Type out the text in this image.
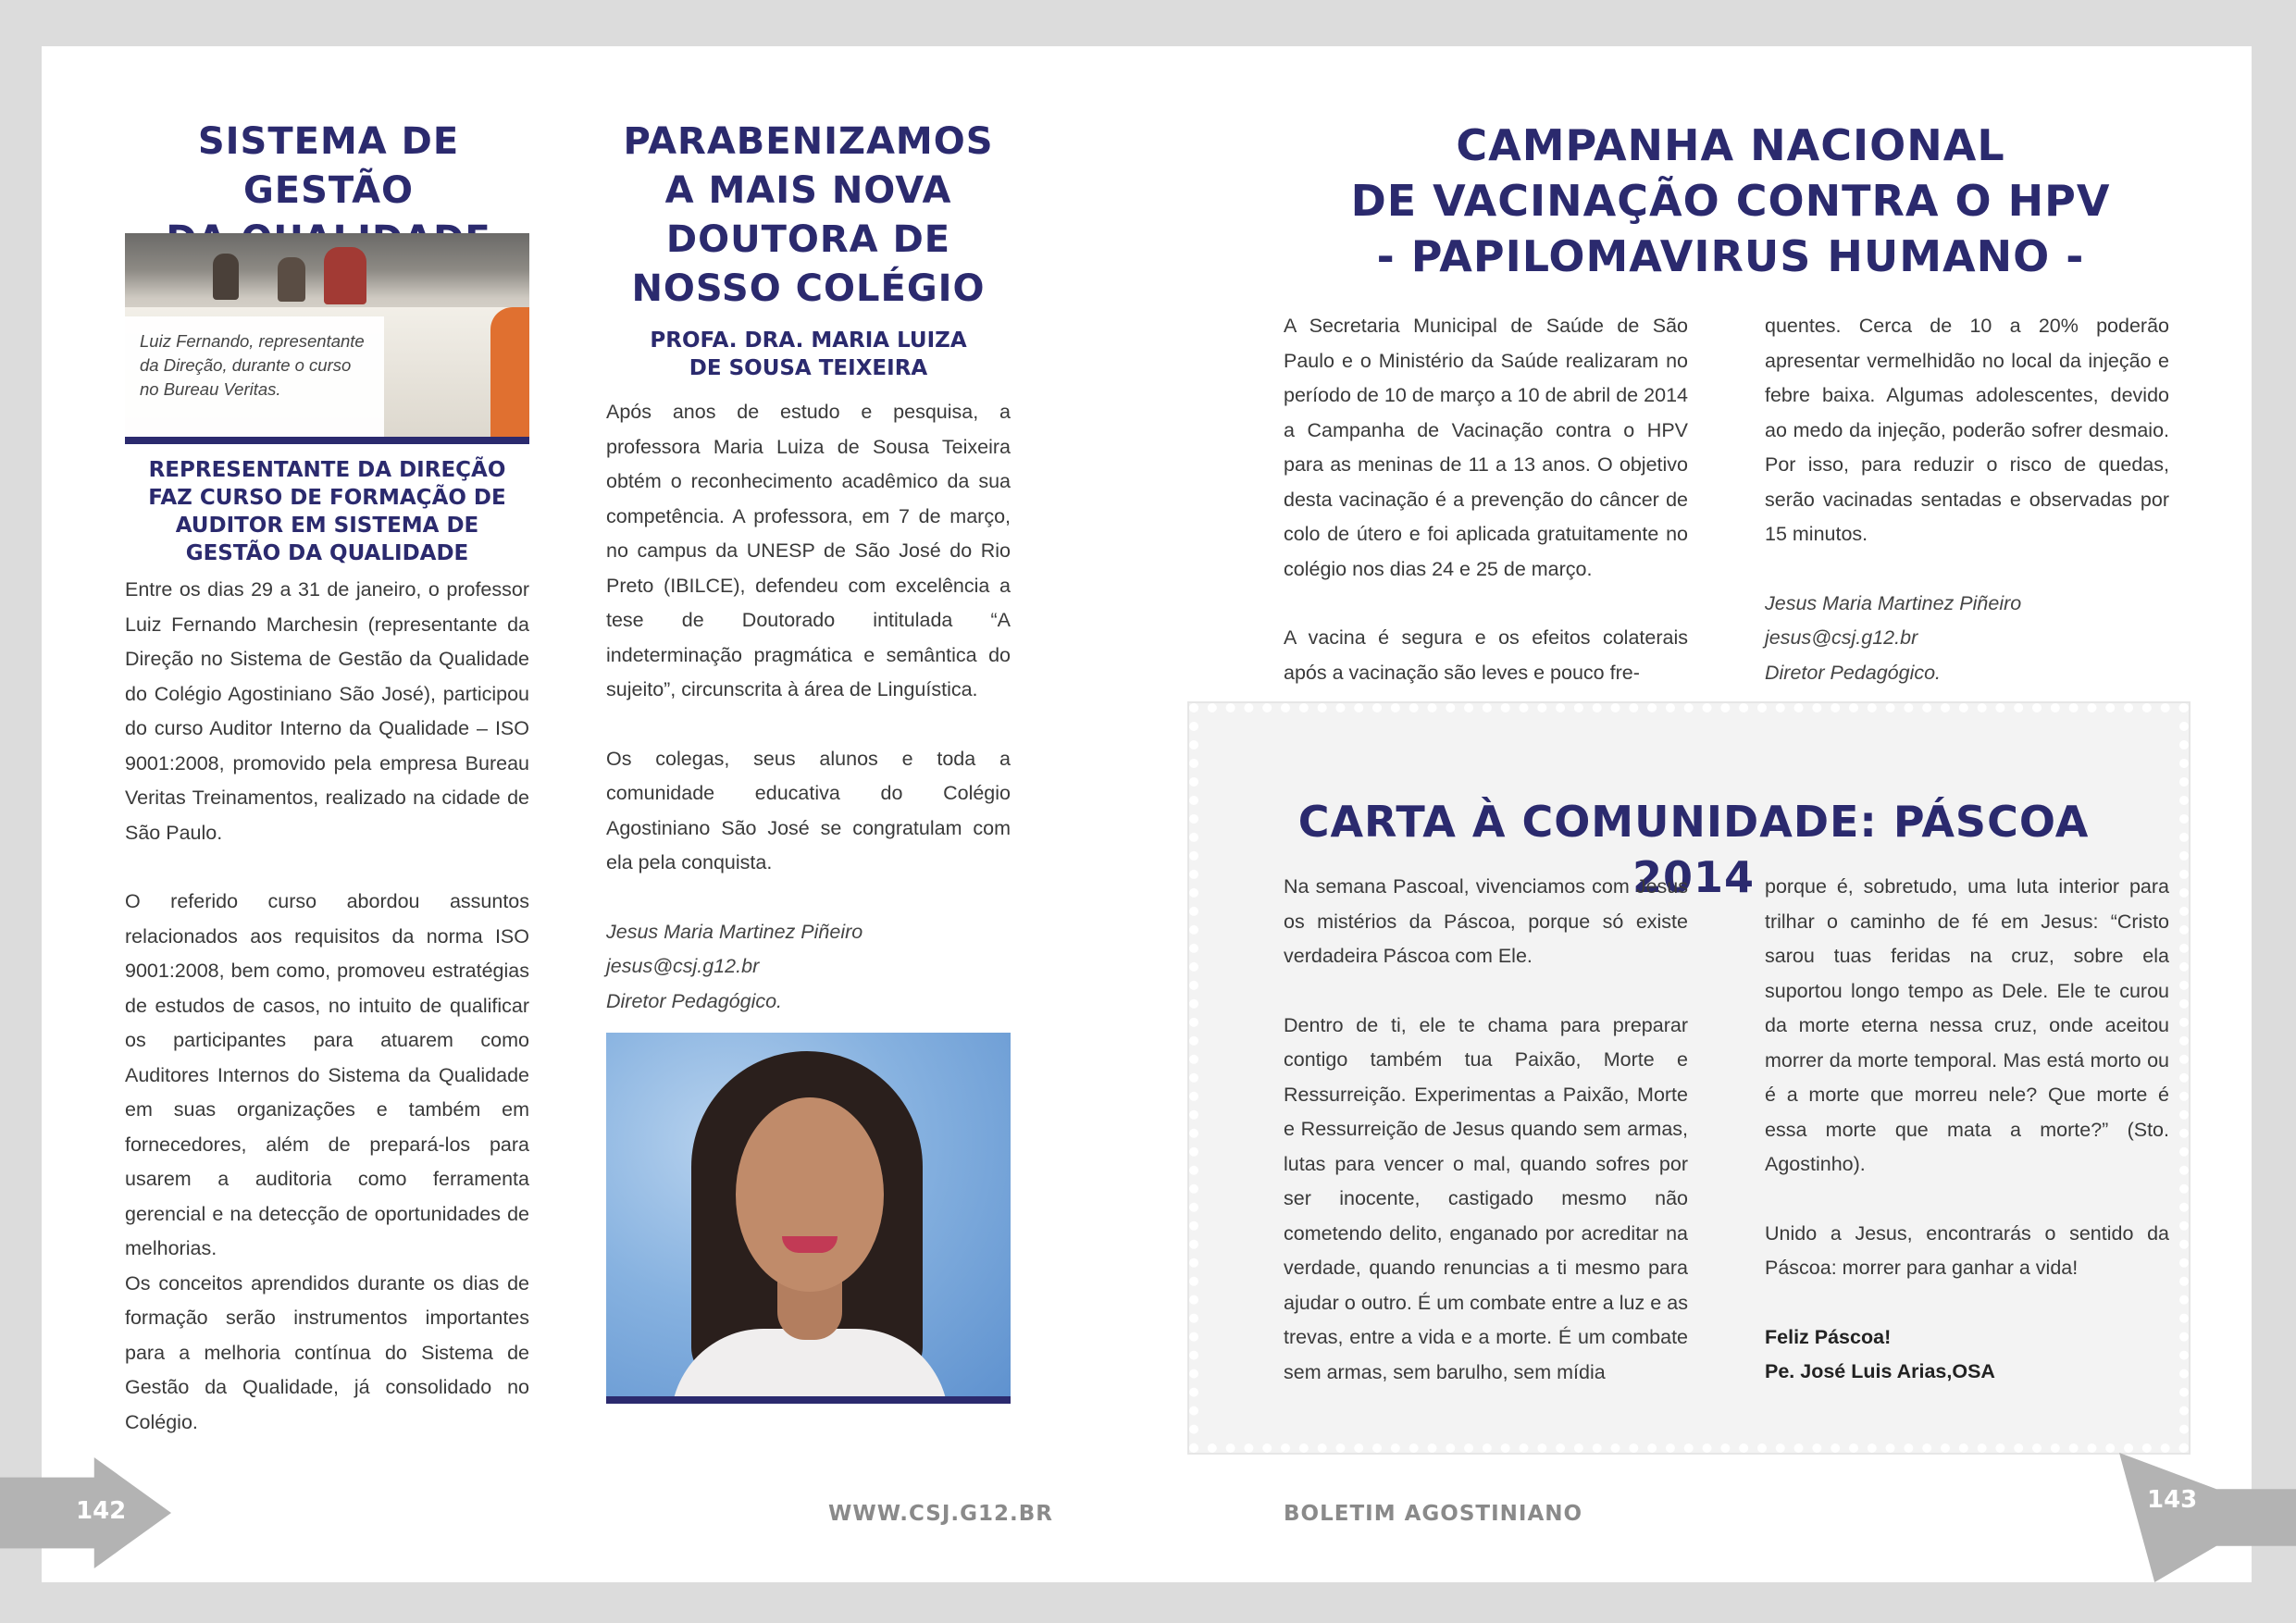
SISTEMA DE GESTÃO
Luiz Fernando, representante da Direção, durante o curso no Bureau Veritas.
REPRESENTANTE DA DIREÇÃO FAZ CURSO DE FORMAÇÃO DE AUDITOR EM SISTEMA DE GESTÃO DA QUALIDADE

Entre os dias 29 a 31 de janeiro, o professor Luiz Fernando Marchesin (representante da Direção no Sistema de Gestão da Qualidade do Colégio Agostiniano São José), participou do curso Auditor Interno da Qualidade – ISO 9001:2008, promovido pela empresa Bureau Veritas Treinamentos, realizado na cidade de São Paulo.

O referido curso abordou assuntos relacionados aos requisitos da norma ISO 9001:2008, bem como, promoveu estratégias de estudos de casos, no intuito de qualificar os participantes para atuarem como Auditores Internos do Sistema da Qualidade em suas organizações e também em fornecedores, além de prepará-los para usarem a auditoria como ferramenta gerencial e na detecção de oportunidades de melhorias.

Os conceitos aprendidos durante os dias de formação serão instrumentos importantes para a melhoria contínua do Sistema de Gestão da Qualidade, já consolidado no Colégio.

PARABENIZAMOS
A MAIS NOVA
DOUTORA DE
NOSSO COLÉGIO
PROFA. DRA. MARIA LUIZA
DE SOUSA TEIXEIRA

Após anos de estudo e pesquisa, a professora Maria Luiza de Sousa Teixeira obtém o reconhecimento acadêmico da sua competência. A professora, em 7 de março, no campus da UNESP de São José do Rio Preto (IBILCE), defendeu com excelência a tese de Doutorado intitulada “A indeterminação pragmática e semântica do sujeito”, circunscrita à área de Linguística.

Os colegas, seus alunos e toda a comunidade educativa do Colégio Agostiniano São José se congratulam com ela pela conquista.

Jesus Maria Martinez Piñeiro

jesus@csj.g12.br

Diretor Pedagógico.

CAMPANHA NACIONAL
DE VACINAÇÃO CONTRA O HPV
- PAPILOMAVIRUS HUMANO -

A Secretaria Municipal de Saúde de São Paulo e o Ministério da Saúde realizaram no período de 10 de março a 10 de abril de 2014 a Campanha de Vacinação contra o HPV para as meninas de 11 a 13 anos. O objetivo desta vacinação é a prevenção do câncer de colo de útero e foi aplicada gratuitamente no colégio nos dias 24 e 25 de março.

A vacina é segura e os efeitos colaterais após a vacinação são leves e pouco fre-

quentes. Cerca de 10 a 20% poderão apresentar vermelhidão no local da injeção e febre baixa. Algumas adolescentes, devido ao medo da injeção, poderão sofrer desmaio. Por isso, para reduzir o risco de quedas, serão vacinadas sentadas e observadas por 15 minutos.

Jesus Maria Martinez Piñeiro

jesus@csj.g12.br

Diretor Pedagógico.

CARTA À COMUNIDADE: PÁSCOA 2014

Na semana Pascoal, vivenciamos com Jesus os mistérios da Páscoa, porque só existe verdadeira Páscoa com Ele.

Dentro de ti, ele te chama para preparar contigo também tua Paixão, Morte e Ressurreição. Experimentas a Paixão, Morte e Ressurreição de Jesus quando sem armas, lutas para vencer o mal, quando sofres por ser inocente, castigado mesmo não cometendo delito, enganado por acreditar na verdade, quando renuncias a ti mesmo para ajudar o outro. É um combate entre a luz e as trevas, entre a vida e a morte. É um combate sem armas, sem barulho, sem mídia

porque é, sobretudo, uma luta interior para trilhar o caminho de fé em Jesus: “Cristo sarou tuas feridas na cruz, sobre ela suportou longo tempo as Dele. Ele te curou da morte eterna nessa cruz, onde aceitou morrer da morte temporal. Mas está morto ou é a morte que morreu nele? Que morte é essa morte que mata a morte?” (Sto. Agostinho).

Unido a Jesus, encontrarás o sentido da Páscoa: morrer para ganhar a vida!

Feliz Páscoa!

Pe. José Luis Arias,OSA

142	143
WWW.CSJ.G12.BR	BOLETIM AGOSTINIANO
